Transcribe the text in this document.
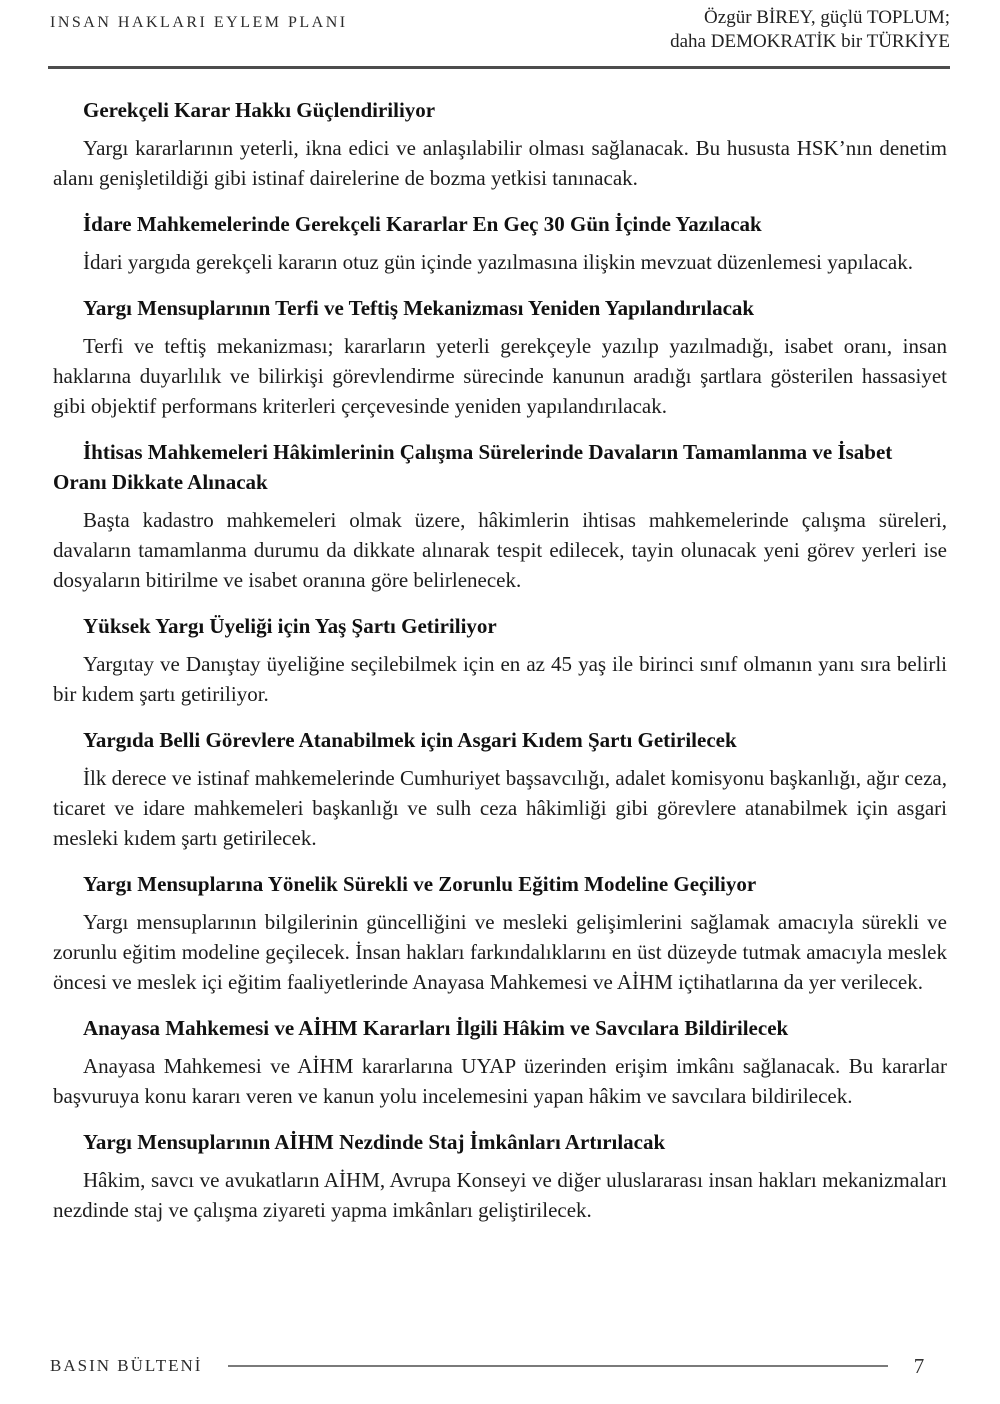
INSAN HAKLARI EYLEM PLANI	Özgür BİREY, güçlü TOPLUM;
daha DEMOKRATİK bir TÜRKİYE
Gerekçeli Karar Hakkı Güçlendiriliyor

Yargı kararlarının yeterli, ikna edici ve anlaşılabilir olması sağlanacak. Bu hususta HSK’nın denetim alanı genişletildiği gibi istinaf dairelerine de bozma yetkisi tanınacak.

İdare Mahkemelerinde Gerekçeli Kararlar En Geç 30 Gün İçinde Yazılacak

İdari yargıda gerekçeli kararın otuz gün içinde yazılmasına ilişkin mevzuat düzenlemesi yapılacak.

Yargı Mensuplarının Terfi ve Teftiş Mekanizması Yeniden Yapılandırılacak

Terfi ve teftiş mekanizması; kararların yeterli gerekçeyle yazılıp yazılmadığı, isabet oranı, insan haklarına duyarlılık ve bilirkişi görevlendirme sürecinde kanunun aradığı şartlara gösterilen hassasiyet gibi objektif performans kriterleri çerçevesinde yeniden yapılandırılacak.

İhtisas Mahkemeleri Hâkimlerinin Çalışma Sürelerinde Davaların Tamamlanma ve İsabet Oranı Dikkate Alınacak

Başta kadastro mahkemeleri olmak üzere, hâkimlerin ihtisas mahkemelerinde çalışma süreleri, davaların tamamlanma durumu da dikkate alınarak tespit edilecek, tayin olunacak yeni görev yerleri ise dosyaların bitirilme ve isabet oranına göre belirlenecek.

Yüksek Yargı Üyeliği için Yaş Şartı Getiriliyor

Yargıtay ve Danıştay üyeliğine seçilebilmek için en az 45 yaş ile birinci sınıf olmanın yanı sıra belirli bir kıdem şartı getiriliyor.

Yargıda Belli Görevlere Atanabilmek için Asgari Kıdem Şartı Getirilecek

İlk derece ve istinaf mahkemelerinde Cumhuriyet başsavcılığı, adalet komisyonu başkanlığı, ağır ceza, ticaret ve idare mahkemeleri başkanlığı ve sulh ceza hâkimliği gibi görevlere atanabilmek için asgari mesleki kıdem şartı getirilecek.

Yargı Mensuplarına Yönelik Sürekli ve Zorunlu Eğitim Modeline Geçiliyor

Yargı mensuplarının bilgilerinin güncelliğini ve mesleki gelişimlerini sağlamak amacıyla sürekli ve zorunlu eğitim modeline geçilecek. İnsan hakları farkındalıklarını en üst düzeyde tutmak amacıyla meslek öncesi ve meslek içi eğitim faaliyetlerinde Anayasa Mahkemesi ve AİHM içtihatlarına da yer verilecek.

Anayasa Mahkemesi ve AİHM Kararları İlgili Hâkim ve Savcılara Bildirilecek

Anayasa Mahkemesi ve AİHM kararlarına UYAP üzerinden erişim imkânı sağlanacak. Bu kararlar başvuruya konu kararı veren ve kanun yolu incelemesini yapan hâkim ve savcılara bildirilecek.

Yargı Mensuplarının AİHM Nezdinde Staj İmkânları Artırılacak

Hâkim, savcı ve avukatların AİHM, Avrupa Konseyi ve diğer uluslararası insan hakları mekanizmaları nezdinde staj ve çalışma ziyareti yapma imkânları geliştirilecek.

BASIN BÜLTENİ	7
